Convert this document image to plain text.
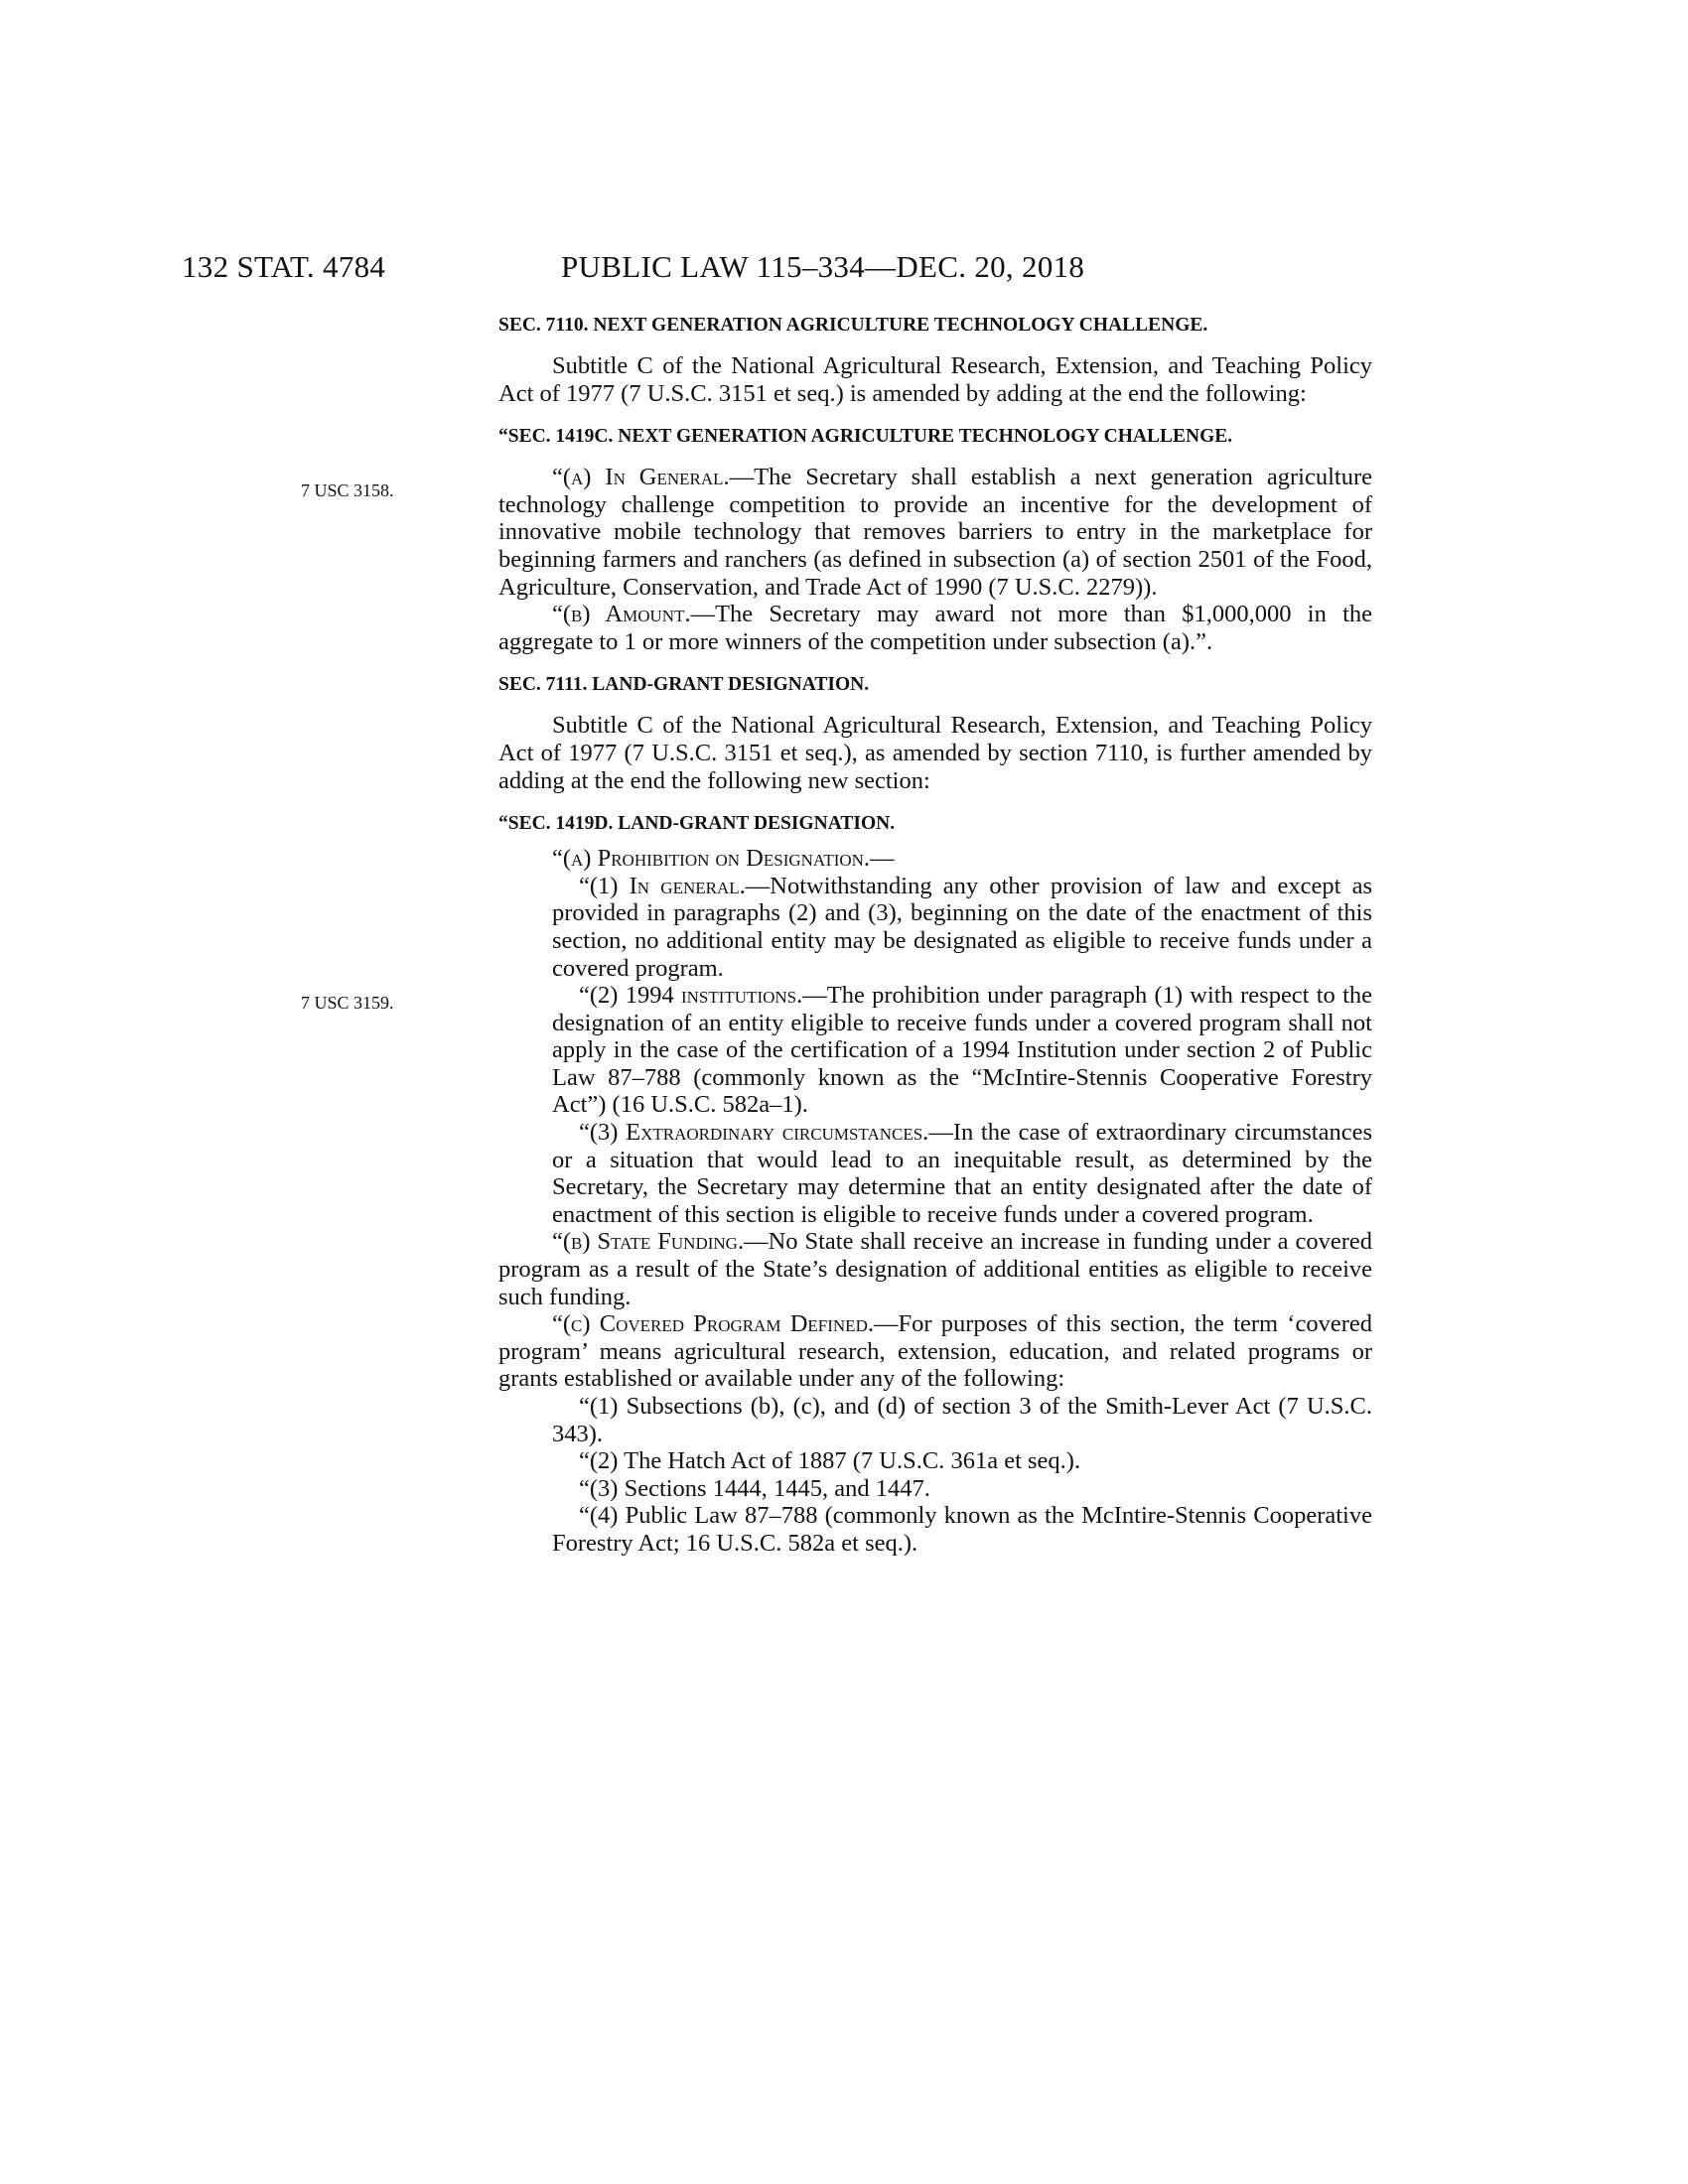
132 STAT. 4784	PUBLIC LAW 115–334—DEC. 20, 2018
7 USC 3158.
7 USC 3159.

SEC. 7110. NEXT GENERATION AGRICULTURE TECHNOLOGY CHALLENGE.

Subtitle C of the National Agricultural Research, Extension, and Teaching Policy Act of 1977 (7 U.S.C. 3151 et seq.) is amended by adding at the end the following:

“SEC. 1419C. NEXT GENERATION AGRICULTURE TECHNOLOGY CHALLENGE.

“(a) In General.—The Secretary shall establish a next generation agriculture technology challenge competition to provide an incentive for the development of innovative mobile technology that removes barriers to entry in the marketplace for beginning farmers and ranchers (as defined in subsection (a) of section 2501 of the Food, Agriculture, Conservation, and Trade Act of 1990 (7 U.S.C. 2279)).

“(b) Amount.—The Secretary may award not more than $1,000,000 in the aggregate to 1 or more winners of the competition under subsection (a).”.

SEC. 7111. LAND-GRANT DESIGNATION.

Subtitle C of the National Agricultural Research, Extension, and Teaching Policy Act of 1977 (7 U.S.C. 3151 et seq.), as amended by section 7110, is further amended by adding at the end the following new section:

“SEC. 1419D. LAND-GRANT DESIGNATION.

“(a) Prohibition on Designation.—

“(1) In general.—Notwithstanding any other provision of law and except as provided in paragraphs (2) and (3), beginning on the date of the enactment of this section, no additional entity may be designated as eligible to receive funds under a covered program.

“(2) 1994 institutions.—The prohibition under paragraph (1) with respect to the designation of an entity eligible to receive funds under a covered program shall not apply in the case of the certification of a 1994 Institution under section 2 of Public Law 87–788 (commonly known as the “McIntire-Stennis Cooperative Forestry Act”) (16 U.S.C. 582a–1).

“(3) Extraordinary circumstances.—In the case of extraordinary circumstances or a situation that would lead to an inequitable result, as determined by the Secretary, the Secretary may determine that an entity designated after the date of enactment of this section is eligible to receive funds under a covered program.

“(b) State Funding.—No State shall receive an increase in funding under a covered program as a result of the State’s designation of additional entities as eligible to receive such funding.

“(c) Covered Program Defined.—For purposes of this section, the term ‘covered program’ means agricultural research, extension, education, and related programs or grants established or available under any of the following:

“(1) Subsections (b), (c), and (d) of section 3 of the Smith-Lever Act (7 U.S.C. 343).

“(2) The Hatch Act of 1887 (7 U.S.C. 361a et seq.).

“(3) Sections 1444, 1445, and 1447.

“(4) Public Law 87–788 (commonly known as the McIntire-Stennis Cooperative Forestry Act; 16 U.S.C. 582a et seq.).
